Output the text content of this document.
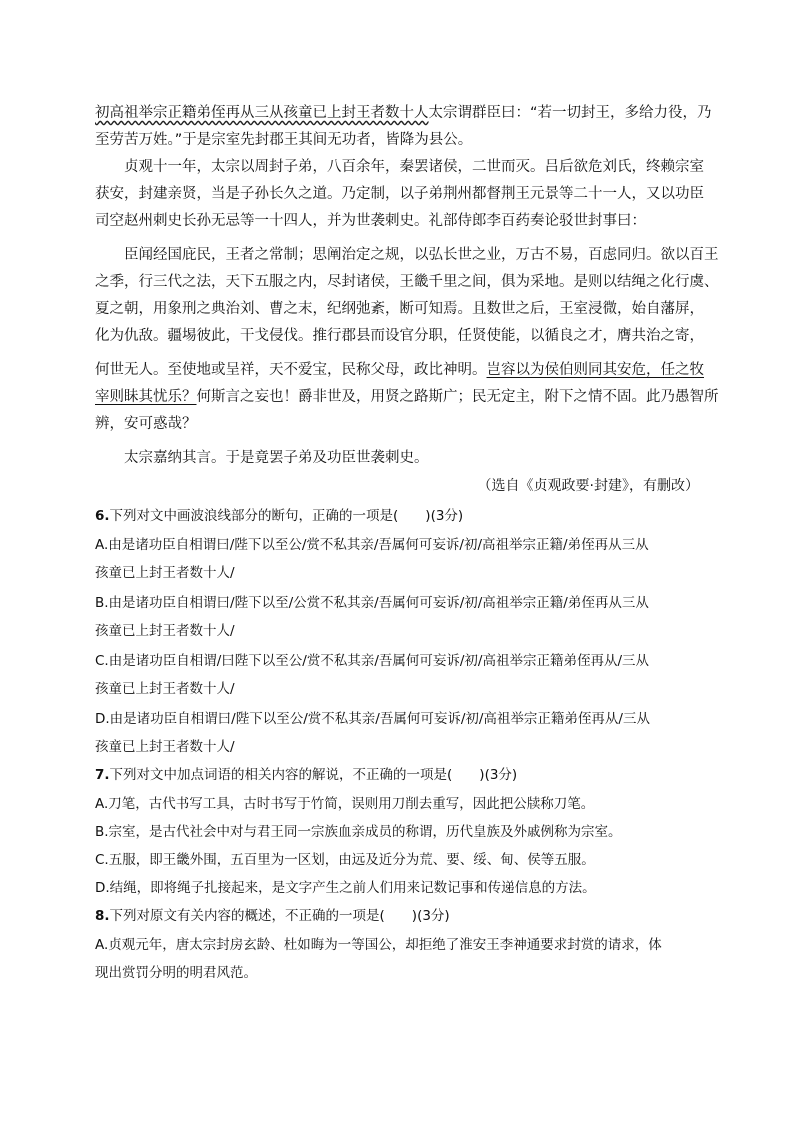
初高祖举宗正籍弟侄再从三从孩童已上封王者数十人太宗谓群臣曰：“若一切封王，多给力役，乃
至劳苦万姓。”于是宗室先封郡王其间无功者，皆降为县公。
贞观十一年，太宗以周封子弟，八百余年，秦罢诸侯，二世而灭。吕后欲危刘氏，终赖宗室
获安，封建亲贤，当是子孙长久之道。乃定制，以子弟荆州都督荆王元景等二十一人，又以功臣
司空赵州刺史长孙无忌等一十四人，并为世袭刺史。礼部侍郎李百药奏论驳世封事曰：
臣闻经国庇民，王者之常制；思阐治定之规，以弘长世之业，万古不易，百虑同归。欲以百王
之季，行三代之法，天下五服之内，尽封诸侯，王畿千里之间，俱为采地。是则以结绳之化行虞、
夏之朝，用象刑之典治刘、曹之末，纪纲弛紊，断可知焉。且数世之后，王室浸微，始自藩屏，
化为仇敌。疆埸彼此，干戈侵伐。推行郡县而设官分职，任贤使能，以循良之才，膺共治之寄，
何世无人。至使地或呈祥，天不爱宝，民称父母，政比神明。岂容以为侯伯则同其安危，任之牧
宰则眛其忧乐？何斯言之妄也！爵非世及，用贤之路斯广；民无定主，附下之情不固。此乃愚智所
辨，安可惑哉？
太宗嘉纳其言。于是竟罢子弟及功臣世袭刺史。
（选自《贞观政要·封建》，有删改）
6.下列对文中画波浪线部分的断句，正确的一项是(　　)(3分)
A.由是诸功臣自相谓曰/陛下以至公/赏不私其亲/吾属何可妄诉/初/高祖举宗正籍/弟侄再从三从
孩童已上封王者数十人/
B.由是诸功臣自相谓曰/陛下以至/公赏不私其亲/吾属何可妄诉/初/高祖举宗正籍/弟侄再从三从
孩童已上封王者数十人/
C.由是诸功臣自相谓/曰陛下以至公/赏不私其亲/吾属何可妄诉/初/高祖举宗正籍弟侄再从/三从
孩童已上封王者数十人/
D.由是诸功臣自相谓曰/陛下以至公/赏不私其亲/吾属何可妄诉/初/高祖举宗正籍弟侄再从/三从
孩童已上封王者数十人/
7.下列对文中加点词语的相关内容的解说，不正确的一项是(　　)(3分)
A.刀笔，古代书写工具，古时书写于竹简，误则用刀削去重写，因此把公牍称刀笔。
B.宗室，是古代社会中对与君王同一宗族血亲成员的称谓，历代皇族及外戚例称为宗室。
C.五服，即王畿外围，五百里为一区划，由远及近分为荒、要、绥、甸、侯等五服。
D.结绳，即将绳子扎接起来，是文字产生之前人们用来记数记事和传递信息的方法。
8.下列对原文有关内容的概述，不正确的一项是(　　)(3分)
A.贞观元年，唐太宗封房玄龄、杜如晦为一等国公，却拒绝了淮安王李神通要求封赏的请求，体
现出赏罚分明的明君风范。
